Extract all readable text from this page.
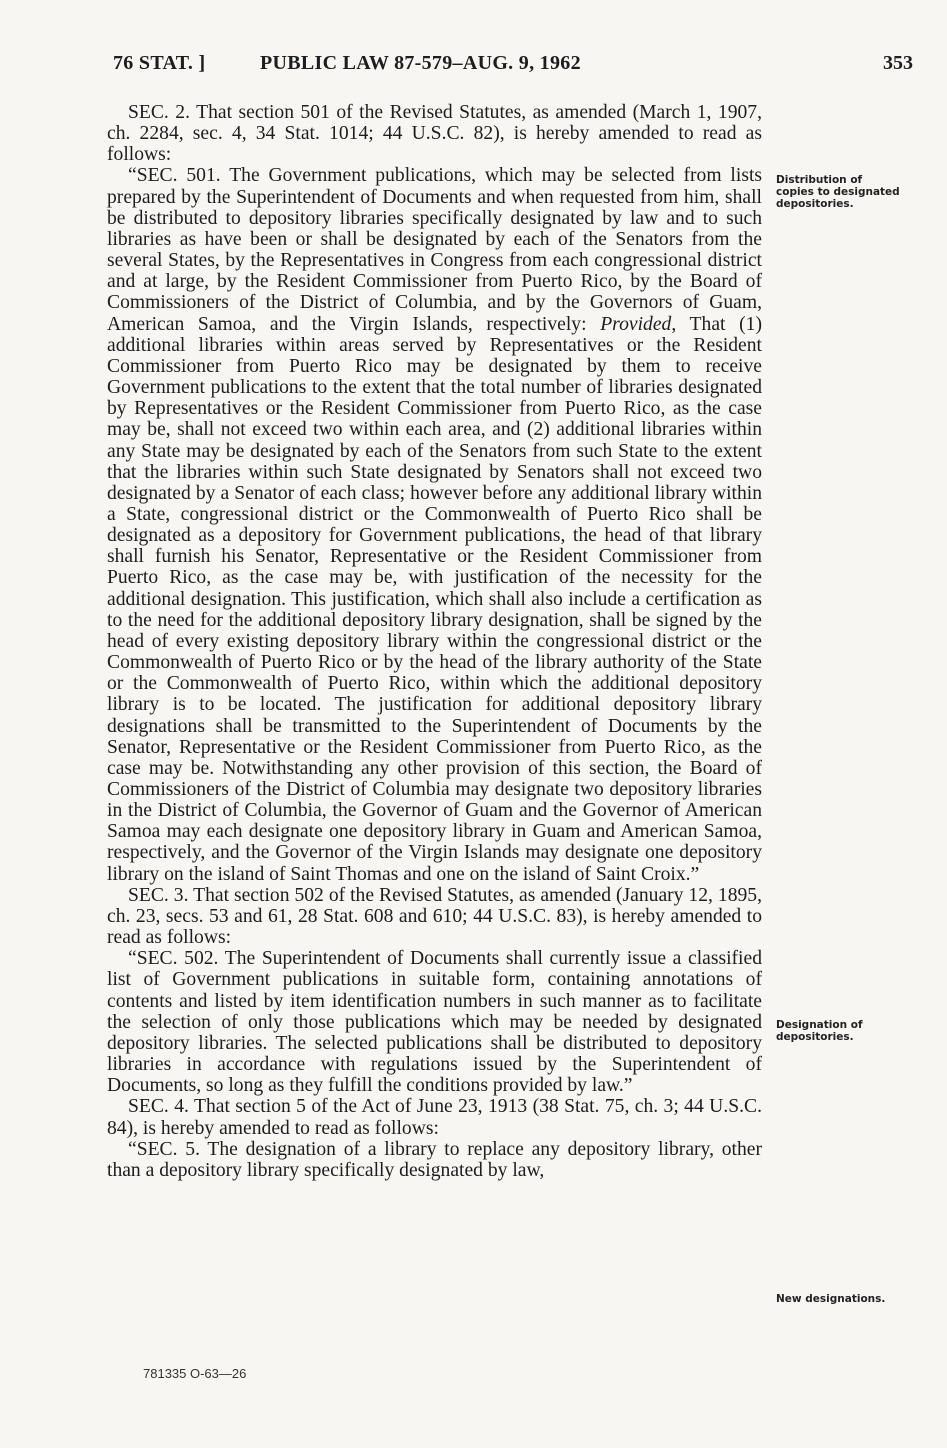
76 STAT. ]	PUBLIC LAW 87-579–AUG. 9, 1962	353

SEC. 2. That section 501 of the Revised Statutes, as amended (March 1, 1907, ch. 2284, sec. 4, 34 Stat. 1014; 44 U.S.C. 82), is hereby amended to read as follows:

“SEC. 501. The Government publications, which may be selected from lists prepared by the Superintendent of Documents and when requested from him, shall be distributed to depository libraries specifically designated by law and to such libraries as have been or shall be designated by each of the Senators from the several States, by the Representatives in Congress from each congressional district and at large, by the Resident Commissioner from Puerto Rico, by the Board of Commissioners of the District of Columbia, and by the Governors of Guam, American Samoa, and the Virgin Islands, respectively: Provided, That (1) additional libraries within areas served by Representatives or the Resident Commissioner from Puerto Rico may be designated by them to receive Government publications to the extent that the total number of libraries designated by Representatives or the Resident Commissioner from Puerto Rico, as the case may be, shall not exceed two within each area, and (2) additional libraries within any State may be designated by each of the Senators from such State to the extent that the libraries within such State designated by Senators shall not exceed two designated by a Senator of each class; however before any additional library within a State, congressional district or the Commonwealth of Puerto Rico shall be designated as a depository for Government publications, the head of that library shall furnish his Senator, Representative or the Resident Commissioner from Puerto Rico, as the case may be, with justification of the necessity for the additional designation. This justification, which shall also include a certification as to the need for the additional depository library designation, shall be signed by the head of every existing depository library within the congressional district or the Commonwealth of Puerto Rico or by the head of the library authority of the State or the Commonwealth of Puerto Rico, within which the additional depository library is to be located. The justification for additional depository library designations shall be transmitted to the Superintendent of Documents by the Senator, Representative or the Resident Commissioner from Puerto Rico, as the case may be. Notwithstanding any other provision of this section, the Board of Commissioners of the District of Columbia may designate two depository libraries in the District of Columbia, the Governor of Guam and the Governor of American Samoa may each designate one depository library in Guam and American Samoa, respectively, and the Governor of the Virgin Islands may designate one depository library on the island of Saint Thomas and one on the island of Saint Croix.”

SEC. 3. That section 502 of the Revised Statutes, as amended (January 12, 1895, ch. 23, secs. 53 and 61, 28 Stat. 608 and 610; 44 U.S.C. 83), is hereby amended to read as follows:

“SEC. 502. The Superintendent of Documents shall currently issue a classified list of Government publications in suitable form, containing annotations of contents and listed by item identification numbers in such manner as to facilitate the selection of only those publications which may be needed by designated depository libraries. The selected publications shall be distributed to depository libraries in accordance with regulations issued by the Superintendent of Documents, so long as they fulfill the conditions provided by law.”

SEC. 4. That section 5 of the Act of June 23, 1913 (38 Stat. 75, ch. 3; 44 U.S.C. 84), is hereby amended to read as follows:

“SEC. 5. The designation of a library to replace any depository library, other than a depository library specifically designated by law,

Distribution of copies to designated depositories.
Designation of depositories.
New designations.
781335 O-63—26
